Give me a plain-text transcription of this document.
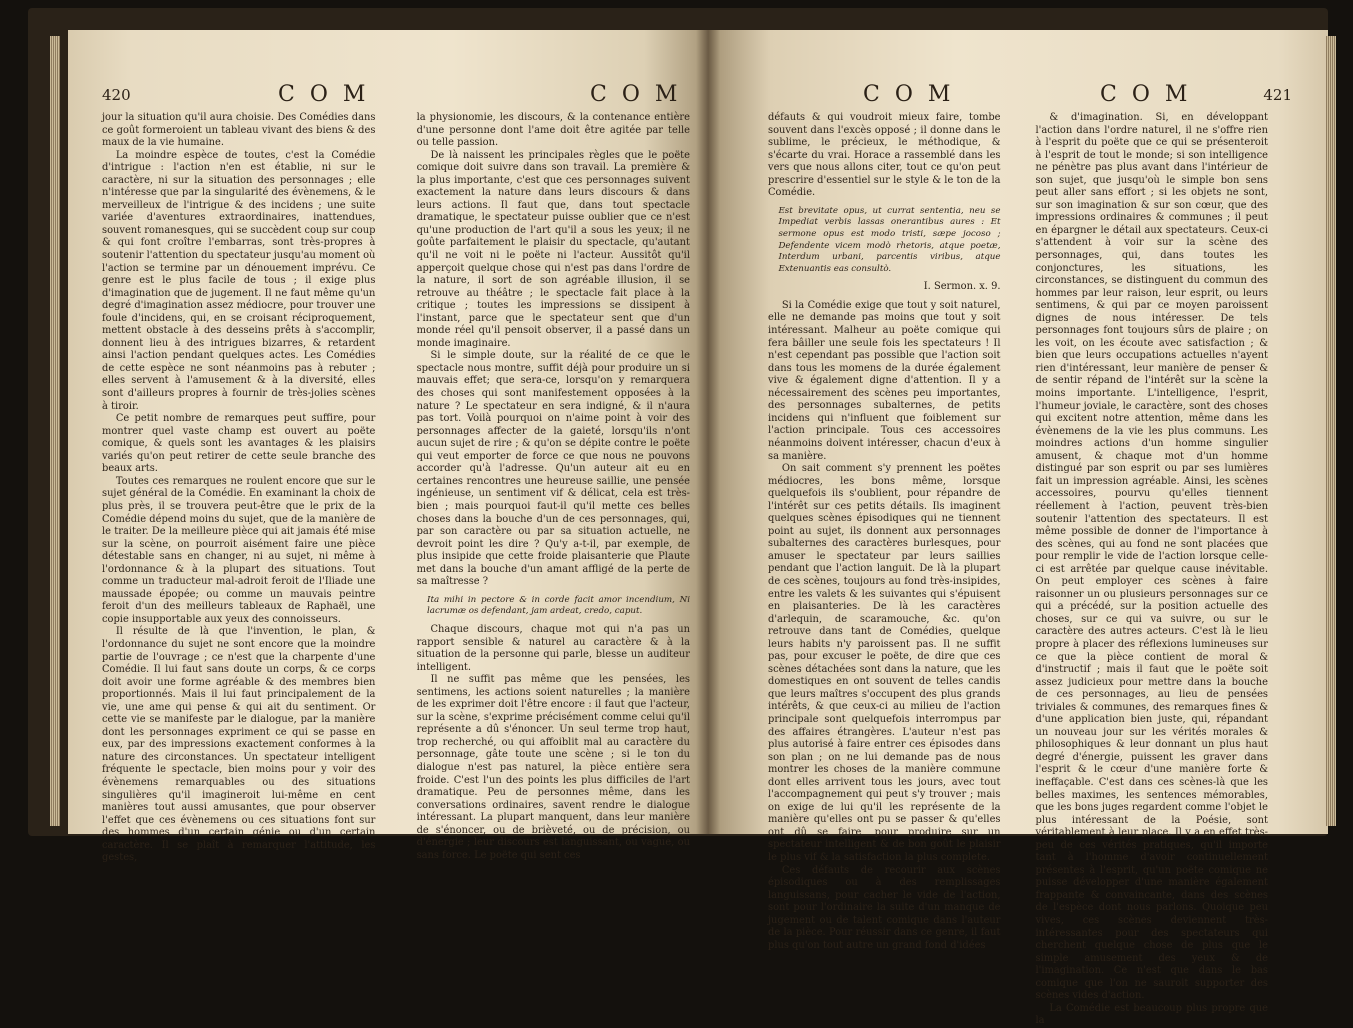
420	C O M	C O M

jour la situation qu'il aura choisie. Des Comédies dans ce goût formeroient un tableau vivant des biens & des maux de la vie humaine.

La moindre espèce de toutes, c'est la Comédie d'intrigue : l'action n'en est établie, ni sur le caractère, ni sur la situation des personnages ; elle n'intéresse que par la singularité des évènemens, & le merveilleux de l'intrigue & des incidens ; une suite variée d'aventures extraordinaires, inattendues, souvent romanesques, qui se succèdent coup sur coup & qui font croître l'embarras, sont très-propres à soutenir l'attention du spectateur jusqu'au moment où l'action se termine par un dénouement imprévu. Ce genre est le plus facile de tous ; il exige plus d'imagination que de jugement. Il ne faut même qu'un degré d'imagination assez médiocre, pour trouver une foule d'incidens, qui, en se croisant réciproquement, mettent obstacle à des desseins prêts à s'accomplir, donnent lieu à des intrigues bizarres, & retardent ainsi l'action pendant quelques actes. Les Comédies de cette espèce ne sont néanmoins pas à rebuter ; elles servent à l'amusement & à la diversité, elles sont d'ailleurs propres à fournir de très-jolies scènes à tiroir.

Ce petit nombre de remarques peut suffire, pour montrer quel vaste champ est ouvert au poëte comique, & quels sont les avantages & les plaisirs variés qu'on peut retirer de cette seule branche des beaux arts.

Toutes ces remarques ne roulent encore que sur le sujet général de la Comédie. En examinant la choix de plus près, il se trouvera peut-être que le prix de la Comédie dépend moins du sujet, que de la manière de le traiter. De la meilleure pièce qui ait jamais été mise sur la scène, on pourroit aisément faire une pièce détestable sans en changer, ni au sujet, ni même à l'ordonnance & à la plupart des situations. Tout comme un traducteur mal-adroit feroit de l'Iliade une maussade épopée; ou comme un mauvais peintre feroit d'un des meilleurs tableaux de Raphaël, une copie insupportable aux yeux des connoisseurs.

Il résulte de là que l'invention, le plan, & l'ordonnance du sujet ne sont encore que la moindre partie de l'ouvrage ; ce n'est que la charpente d'une Comédie. Il lui faut sans doute un corps, & ce corps doit avoir une forme agréable & des membres bien proportionnés. Mais il lui faut principalement de la vie, une ame qui pense & qui ait du sentiment. Or cette vie se manifeste par le dialogue, par la manière dont les personnages expriment ce qui se passe en eux, par des impressions exactement conformes à la nature des circonstances. Un spectateur intelligent fréquente le spectacle, bien moins pour y voir des évènemens remarquables ou des situations singulières qu'il imagineroit lui-même en cent manières tout aussi amusantes, que pour observer l'effet que ces évènemens ou ces situations font sur des hommes d'un certain génie ou d'un certain caractère. Il se plaît à remarquer l'attitude, les gestes,

la physionomie, les discours, & la contenance entière d'une personne dont l'ame doit être agitée par telle ou telle passion.

De là naissent les principales règles que le poëte comique doit suivre dans son travail. La première & la plus importante, c'est que ces personnages suivent exactement la nature dans leurs discours & dans leurs actions. Il faut que, dans tout spectacle dramatique, le spectateur puisse oublier que ce n'est qu'une production de l'art qu'il a sous les yeux; il ne goûte parfaitement le plaisir du spectacle, qu'autant qu'il ne voit ni le poëte ni l'acteur. Aussitôt qu'il apperçoit quelque chose qui n'est pas dans l'ordre de la nature, il sort de son agréable illusion, il se retrouve au théâtre ; le spectacle fait place à la critique ; toutes les impressions se dissipent à l'instant, parce que le spectateur sent que d'un monde réel qu'il pensoit observer, il a passé dans un monde imaginaire.

Si le simple doute, sur la réalité de ce que le spectacle nous montre, suffit déjà pour produire un si mauvais effet; que sera-ce, lorsqu'on y remarquera des choses qui sont manifestement opposées à la nature ? Le spectateur en sera indigné, & il n'aura pas tort. Voilà pourquoi on n'aime point à voir des personnages affecter de la gaieté, lorsqu'ils n'ont aucun sujet de rire ; & qu'on se dépite contre le poëte qui veut emporter de force ce que nous ne pouvons accorder qu'à l'adresse. Qu'un auteur ait eu en certaines rencontres une heureuse saillie, une pensée ingénieuse, un sentiment vif & délicat, cela est très-bien ; mais pourquoi faut-il qu'il mette ces belles choses dans la bouche d'un de ces personnages, qui, par son caractère ou par sa situation actuelle, ne devroit point les dire ? Qu'y a-t-il, par exemple, de plus insipide que cette froide plaisanterie que Plaute met dans la bouche d'un amant affligé de la perte de sa maîtresse ?

Ita mihi in pectore & in corde facit amor incendium, Ni lacrumæ os defendant, jam ardeat, credo, caput.

Chaque discours, chaque mot qui n'a pas un rapport sensible & naturel au caractère & à la situation de la personne qui parle, blesse un auditeur intelligent.

Il ne suffit pas même que les pensées, les sentimens, les actions soient naturelles ; la manière de les exprimer doit l'être encore : il faut que l'acteur, sur la scène, s'exprime précisément comme celui qu'il représente a dû s'énoncer. Un seul terme trop haut, trop recherché, ou qui affoiblit mal au caractère du personnage, gâte toute une scène ; si le ton du dialogue n'est pas naturel, la pièce entière sera froide. C'est l'un des points les plus difficiles de l'art dramatique. Peu de personnes même, dans les conversations ordinaires, savent rendre le dialogue intéressant. La plupart manquent, dans leur manière de s'énoncer, ou de brièveté, ou de précision, ou d'énergie ; leur discours est languissant, ou vague, ou sans force. Le poëte qui sent ces

C O M	C O M	421

défauts & qui voudroit mieux faire, tombe souvent dans l'excès opposé ; il donne dans le sublime, le précieux, le méthodique, & s'écarte du vrai. Horace a rassemblé dans les vers que nous allons citer, tout ce qu'on peut prescrire d'essentiel sur le style & le ton de la Comédie.

Est brevitate opus, ut currat sententia, neu se Impediat verbis lassas onerantibus aures : Et sermone opus est modo tristi, sæpe jocoso ; Defendente vicem modò rhetoris, atque poetæ, Interdum urbani, parcentis viribus, atque Extenuantis eas consultò.

I. Sermon. x. 9.

Si la Comédie exige que tout y soit naturel, elle ne demande pas moins que tout y soit intéressant. Malheur au poëte comique qui fera bâiller une seule fois les spectateurs ! Il n'est cependant pas possible que l'action soit dans tous les momens de la durée également vive & également digne d'attention. Il y a nécessairement des scènes peu importantes, des personnages subalternes, de petits incidens qui n'influent que foiblement sur l'action principale. Tous ces accessoires néanmoins doivent intéresser, chacun d'eux à sa manière.

On sait comment s'y prennent les poëtes médiocres, les bons même, lorsque quelquefois ils s'oublient, pour répandre de l'intérêt sur ces petits détails. Ils imaginent quelques scènes épisodiques qui ne tiennent point au sujet, ils donnent aux personnages subalternes des caractères burlesques, pour amuser le spectateur par leurs saillies pendant que l'action languit. De là la plupart de ces scènes, toujours au fond très-insipides, entre les valets & les suivantes qui s'épuisent en plaisanteries. De là les caractères d'arlequin, de scaramouche, &c. qu'on retrouve dans tant de Comédies, quelque leurs habits n'y paroissent pas. Il ne suffit pas, pour excuser le poëte, de dire que ces scènes détachées sont dans la nature, que les domestiques en ont souvent de telles candis que leurs maîtres s'occupent des plus grands intérêts, & que ceux-ci au milieu de l'action principale sont quelquefois interrompus par des affaires étrangères. L'auteur n'est pas plus autorisé à faire entrer ces épisodes dans son plan ; on ne lui demande pas de nous montrer les choses de la manière commune dont elles arrivent tous les jours, avec tout l'accompagnement qui peut s'y trouver ; mais on exige de lui qu'il les représente de la manière qu'elles ont pu se passer & qu'elles ont dû se faire, pour produire sur un spectateur intelligent & de bon goût le plaisir le plus vif & la satisfaction la plus complete.

Ces défauts de recourir aux scènes épisodiques ou à des remplissages languissans, pour cacher le vide de l'action, sont pour l'ordinaire la suite d'un manque de jugement ou de talent comique dans l'auteur de la pièce. Pour réussir dans ce genre, il faut plus qu'on tout autre un grand fond d'idées

& d'imagination. Si, en développant l'action dans l'ordre naturel, il ne s'offre rien à l'esprit du poëte que ce qui se présenteroit à l'esprit de tout le monde; si son intelligence ne pénètre pas plus avant dans l'intérieur de son sujet, que jusqu'où le simple bon sens peut aller sans effort ; si les objets ne sont, sur son imagination & sur son cœur, que des impressions ordinaires & communes ; il peut en épargner le détail aux spectateurs. Ceux-ci s'attendent à voir sur la scène des personnages, qui, dans toutes les conjonctures, les situations, les circonstances, se distinguent du commun des hommes par leur raison, leur esprit, ou leurs sentimens, & qui par ce moyen paroissent dignes de nous intéresser. De tels personnages font toujours sûrs de plaire ; on les voit, on les écoute avec satisfaction ; & bien que leurs occupations actuelles n'ayent rien d'intéressant, leur manière de penser & de sentir répand de l'intérêt sur la scène la moins importante. L'intelligence, l'esprit, l'humeur joviale, le caractère, sont des choses qui excitent notre attention, même dans les évènemens de la vie les plus communs. Les moindres actions d'un homme singulier amusent, & chaque mot d'un homme distingué par son esprit ou par ses lumières fait un impression agréable. Ainsi, les scènes accessoires, pourvu qu'elles tiennent réellement à l'action, peuvent très-bien soutenir l'attention des spectateurs. Il est même possible de donner de l'importance à des scènes, qui au fond ne sont placées que pour remplir le vide de l'action lorsque celle-ci est arrêtée par quelque cause inévitable. On peut employer ces scènes à faire raisonner un ou plusieurs personnages sur ce qui a précédé, sur la position actuelle des choses, sur ce qui va suivre, ou sur le caractère des autres acteurs. C'est là le lieu propre à placer des réflexions lumineuses sur ce que la pièce contient de moral & d'instructif ; mais il faut que le poëte soit assez judicieux pour mettre dans la bouche de ces personnages, au lieu de pensées triviales & communes, des remarques fines & d'une application bien juste, qui, répandant un nouveau jour sur les vérités morales & philosophiques & leur donnant un plus haut degré d'énergie, puissent les graver dans l'esprit & le cœur d'une manière forte & ineffaçable. C'est dans ces scènes-là que les belles maximes, les sentences mémorables, que les bons juges regardent comme l'objet le plus intéressant de la Poésie, sont véritablement à leur place. Il y a en effet très-peu de ces vérités pratiques, qu'il importe tant à l'homme d'avoir continuellement présentes à l'esprit, qu'un poëte comique ne puisse développer d'une manière également frappante & convaincante, dans des scènes de l'espèce dont nous parlons. Quoique peu vives, ces scènes deviennent très-intéressantes pour des spectateurs qui cherchent quelque chose de plus que le simple amusement des yeux & de l'imagination. Ce n'est que dans le bas comique que l'on ne sauroit supporter des scènes vides d'action.

La Comédie est beaucoup plus propre que la
